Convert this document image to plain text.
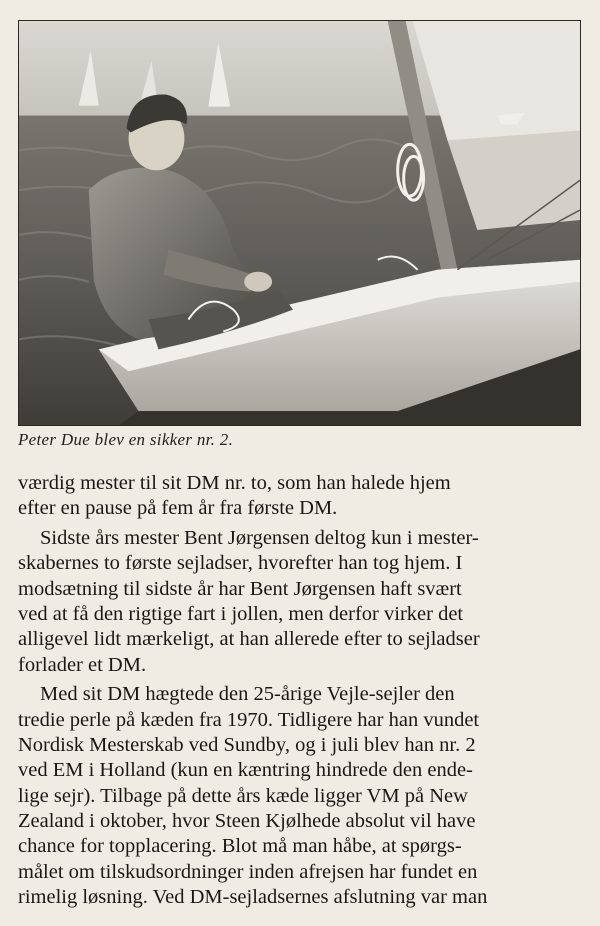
Peter Due blev en sikker nr. 2.
værdig mester til sit DM nr. to, som han halede hjem
efter en pause på fem år fra første DM.
Sidste års mester Bent Jørgensen deltog kun i mester-
skabernes to første sejladser, hvorefter han tog hjem. I
modsætning til sidste år har Bent Jørgensen haft svært
ved at få den rigtige fart i jollen, men derfor virker det
alligevel lidt mærkeligt, at han allerede efter to sejladser
forlader et DM.
Med sit DM hægtede den 25-årige Vejle-sejler den
tredie perle på kæden fra 1970. Tidligere har han vundet
Nordisk Mesterskab ved Sundby, og i juli blev han nr. 2
ved EM i Holland (kun en kæntring hindrede den ende-
lige sejr). Tilbage på dette års kæde ligger VM på New
Zealand i oktober, hvor Steen Kjølhede absolut vil have
chance for topplacering. Blot må man håbe, at spørgs-
målet om tilskudsordninger inden afrejsen har fundet en
rimelig løsning. Ved DM-sejladsernes afslutning var man
